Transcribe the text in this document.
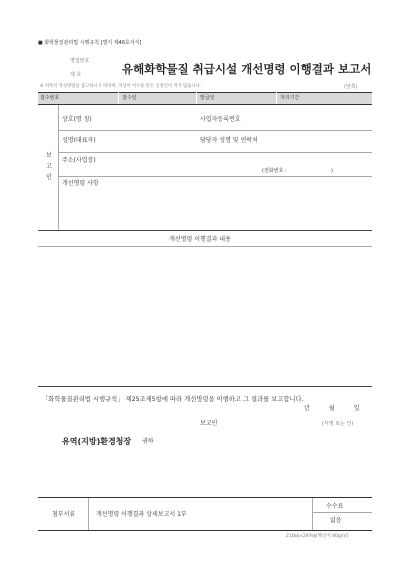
■ 화학물질관리법 시행규칙 [별지 제46호서식]
영업번호
제 호	유해화학물질 취급시설 개선명령 이행결과 보고서
※ 뒤쪽의 작성방법을 참고하시기 바라며, 색상이 어두운 란은 신청인이 적지 않습니다.	(앞쪽)
접수번호	접수일	발급일	처리기간
보
고
인
상호(명 칭)	사업자등록번호
성명(대표자)	담당자 성명 및 연락처
주소(사업장)
(전화번호 :                            )
개선명령 사항
개선명령 이행결과 내용
「화학물질관리법 시행규칙」 제25조제5항에 따라 개선명령을 이행하고 그 결과를 보고합니다.
년          월          일
보고인	(서명 또는 인)
유역(지방)환경청장 귀하
첨부서류	개선명령 이행결과 상세보고서 1부
수수료
없음
210㎜×297㎜[백상지 80g/㎡]
